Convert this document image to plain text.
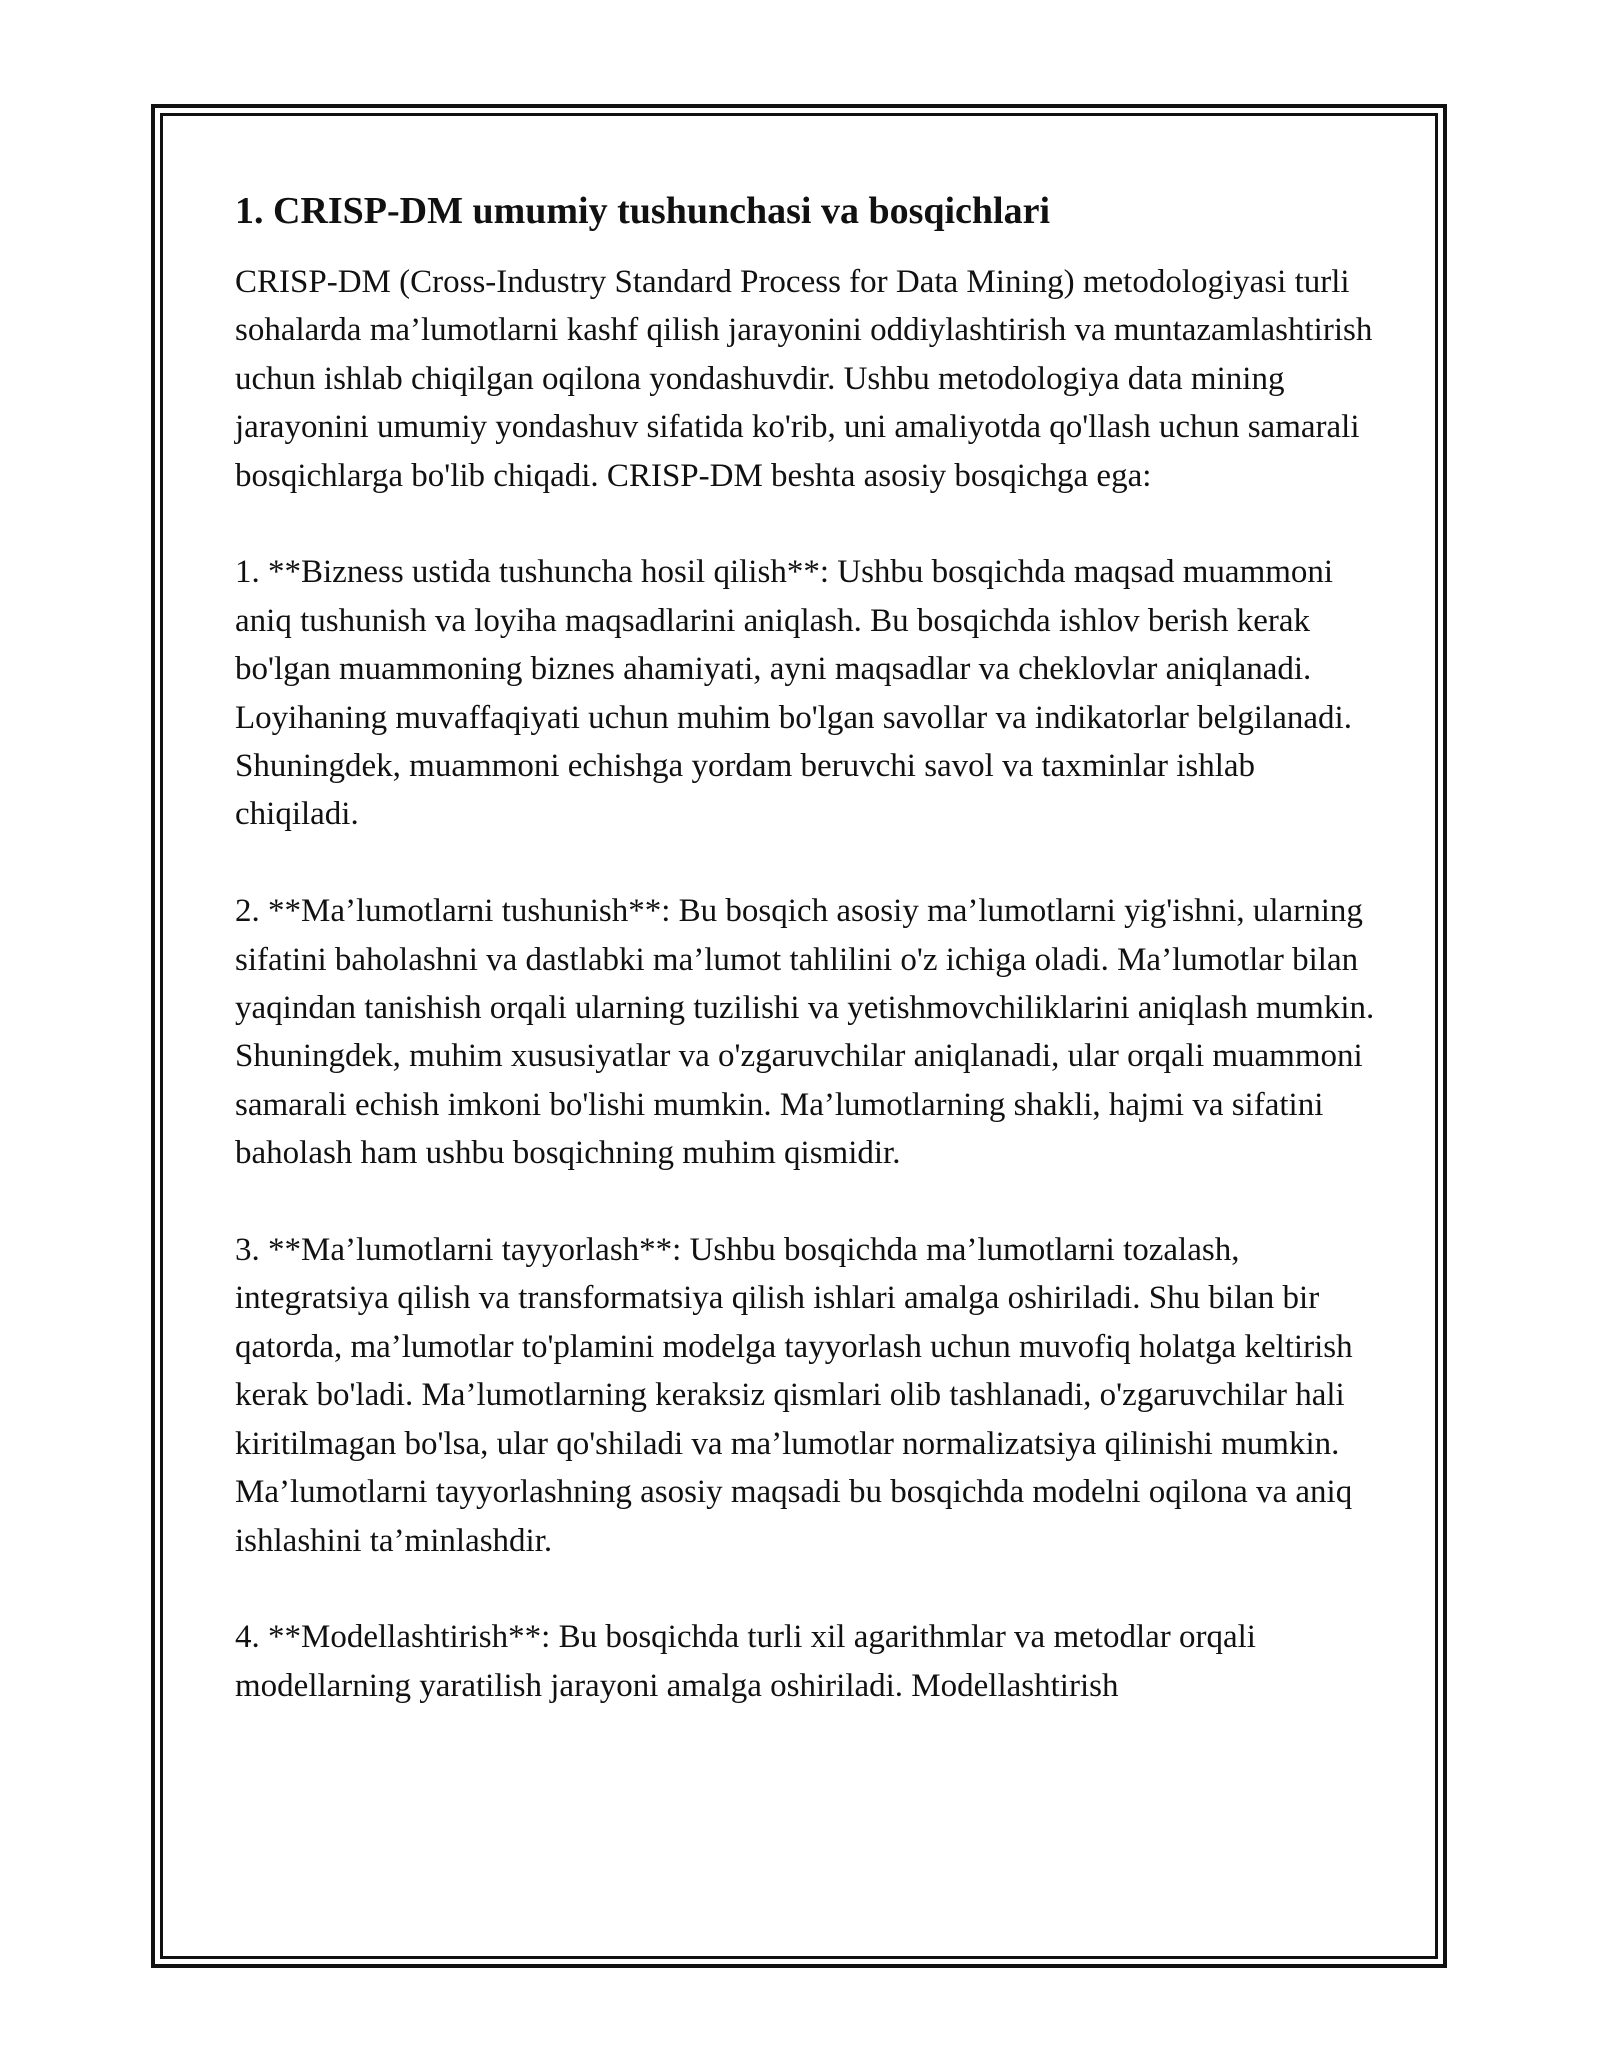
1. CRISP-DM umumiy tushunchasi va bosqichlari

CRISP-DM (Cross-Industry Standard Process for Data Mining) metodologiyasi turli sohalarda ma’lumotlarni kashf qilish jarayonini oddiylashtirish va muntazamlashtirish uchun ishlab chiqilgan oqilona yondashuvdir. Ushbu metodologiya data mining jarayonini umumiy yondashuv sifatida ko'rib, uni amaliyotda qo'llash uchun samarali bosqichlarga bo'lib chiqadi. CRISP-DM beshta asosiy bosqichga ega:

1. **Bizness ustida tushuncha hosil qilish**: Ushbu bosqichda maqsad muammoni aniq tushunish va loyiha maqsadlarini aniqlash. Bu bosqichda ishlov berish kerak bo'lgan muammoning biznes ahamiyati, ayni maqsadlar va cheklovlar aniqlanadi. Loyihaning muvaffaqiyati uchun muhim bo'lgan savollar va indikatorlar belgilanadi. Shuningdek, muammoni echishga yordam beruvchi savol va taxminlar ishlab chiqiladi.

2. **Ma’lumotlarni tushunish**: Bu bosqich asosiy ma’lumotlarni yig'ishni, ularning sifatini baholashni va dastlabki ma’lumot tahlilini o'z ichiga oladi. Ma’lumotlar bilan yaqindan tanishish orqali ularning tuzilishi va yetishmovchiliklarini aniqlash mumkin. Shuningdek, muhim xususiyatlar va o'zgaruvchilar aniqlanadi, ular orqali muammoni samarali echish imkoni bo'lishi mumkin. Ma’lumotlarning shakli, hajmi va sifatini baholash ham ushbu bosqichning muhim qismidir.

3. **Ma’lumotlarni tayyorlash**: Ushbu bosqichda ma’lumotlarni tozalash, integratsiya qilish va transformatsiya qilish ishlari amalga oshiriladi. Shu bilan bir qatorda, ma’lumotlar to'plamini modelga tayyorlash uchun muvofiq holatga keltirish kerak bo'ladi. Ma’lumotlarning keraksiz qismlari olib tashlanadi, o'zgaruvchilar hali kiritilmagan bo'lsa, ular qo'shiladi va ma’lumotlar normalizatsiya qilinishi mumkin. Ma’lumotlarni tayyorlashning asosiy maqsadi bu bosqichda modelni oqilona va aniq ishlashini ta’minlashdir.

4. **Modellashtirish**: Bu bosqichda turli xil agarithmlar va metodlar orqali modellarning yaratilish jarayoni amalga oshiriladi. Modellashtirish
